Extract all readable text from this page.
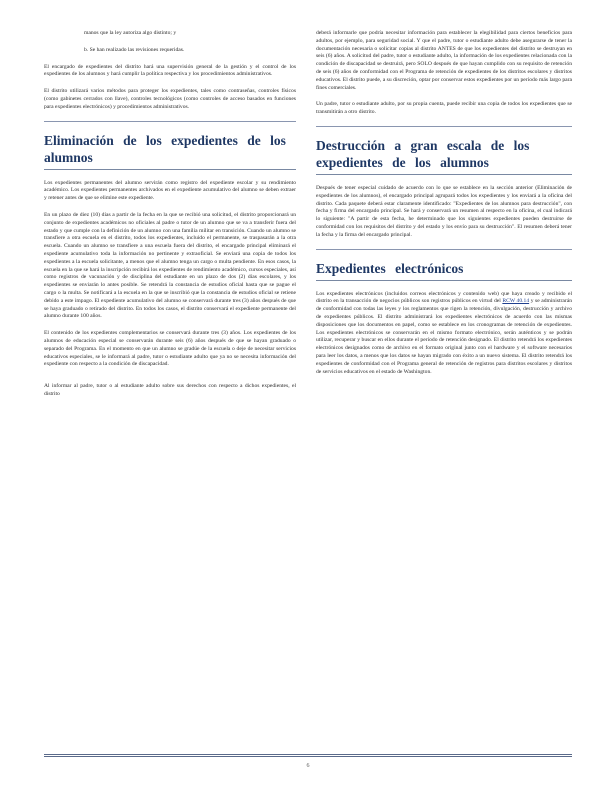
manos que la ley autoriza algo distinto; y

b. Se han realizado las revisiones requeridas.

El encargado de expedientes del distrito hará una supervisión general de la gestión y el control de los expedientes de los alumnos y hará cumplir la política respectiva y los procedimientos administrativos.

El distrito utilizará varios métodos para proteger los expedientes, tales como contraseñas, controles físicos (como gabinetes cerrados con llave), controles tecnológicos (como controles de acceso basados en funciones para expedientes electrónicos) y procedimientos administrativos.

Eliminación de los expedientes de los alumnos

Los expedientes permanentes del alumno servirán como registro del expediente escolar y su rendimiento académico. Los expedientes permanentes archivados en el expediente acumulativo del alumno se deben extraer y retener antes de que se elimine este expediente.

En un plazo de diez (10) días a partir de la fecha en la que se recibió una solicitud, el distrito proporcionará un conjunto de expedientes académicos no oficiales al padre o tutor de un alumno que se va a transferir fuera del estado y que cumple con la definición de un alumno con una familia militar en transición. Cuando un alumno se transfiere a otra escuela en el distrito, todos los expedientes, incluido el permanente, se traspasarán a la otra escuela. Cuando un alumno se transfiere a una escuela fuera del distrito, el encargado principal eliminará el expediente acumulativo toda la información no pertinente y extraoficial. Se enviará una copia de todos los expedientes a la escuela solicitante, a menos que el alumno tenga un cargo o multa pendiente. En esos casos, la escuela en la que se hará la inscripción recibirá los expedientes de rendimiento académico, cursos especiales, así como registros de vacunación y de disciplina del estudiante en un plazo de dos (2) días escolares, y los expedientes se enviarán lo antes posible. Se retendrá la constancia de estudios oficial hasta que se pague el cargo o la multa. Se notificará a la escuela en la que se inscribió que la constancia de estudios oficial se retiene debido a este impago. El expediente acumulativo del alumno se conservará durante tres (3) años después de que se haya graduado o retirado del distrito. En todos los casos, el distrito conservará el expediente permanente del alumno durante 100 años.

El contenido de los expedientes complementarios se conservará durante tres (3) años. Los expedientes de los alumnos de educación especial se conservarán durante seis (6) años después de que se hayan graduado o separado del Programa. En el momento en que un alumno se gradúe de la escuela o deje de necesitar servicios educativos especiales, se le informará al padre, tutor o estudiante adulto que ya no se necesita información del expediente con respecto a la condición de discapacidad.

Al informar al padre, tutor o al estudiante adulto sobre sus derechos con respecto a dichos expedientes, el distrito

deberá informarle que podría necesitar información para establecer la elegibilidad para ciertos beneficios para adultos, por ejemplo, para seguridad social. Y que el padre, tutor o estudiante adulto debe asegurarse de tener la documentación necesaria o solicitar copias al distrito ANTES de que los expedientes del distrito se destruyan en seis (6) años. A solicitud del padre, tutor o estudiante adulto, la información de los expedientes relacionada con la condición de discapacidad se destruirá, pero SOLO después de que hayan cumplido con su requisito de retención de seis (6) años de conformidad con el Programa de retención de expedientes de los distritos escolares y distritos educativos. El distrito puede, a su discreción, optar por conservar estos expedientes por un período más largo para fines comerciales.

Un padre, tutor o estudiante adulto, por su propia cuenta, puede recibir una copia de todos los expedientes que se transmitirán a otro distrito.

Destrucción a gran escala de los expedientes de los alumnos

Después de tener especial cuidado de acuerdo con lo que se establece en la sección anterior (Eliminación de expedientes de los alumnos), el encargado principal agrupará todos los expedientes y los enviará a la oficina del distrito. Cada paquete deberá estar claramente identificado: "Expedientes de los alumnos para destrucción", con fecha y firma del encargado principal. Se hará y conservará un resumen al respecto en la oficina, el cual indicará lo siguiente: "A partir de esta fecha, he determinado que los siguientes expedientes pueden destruirse de conformidad con los requisitos del distrito y del estado y los envío para su destrucción". El resumen deberá tener la fecha y la firma del encargado principal.

Expedientes electrónicos

Los expedientes electrónicos (incluidos correos electrónicos y contenido web) que haya creado y recibido el distrito en la transacción de negocios públicos son registros públicos en virtud del RCW 40.14 y se administrarán de conformidad con todas las leyes y los reglamentos que rigen la retención, divulgación, destrucción y archivo de expedientes públicos. El distrito administrará los expedientes electrónicos de acuerdo con las mismas disposiciones que los documentos en papel, como se establece en los cronogramas de retención de expedientes. Los expedientes electrónicos se conservarán en el mismo formato electrónico, serán auténticos y se podrán utilizar, recuperar y buscar en ellos durante el período de retención designado. El distrito retendrá los expedientes electrónicos designados como de archivo en el formato original junto con el hardware y el software necesarios para leer los datos, a menos que los datos se hayan migrado con éxito a un nuevo sistema. El distrito retendrá los expedientes de conformidad con el Programa general de retención de registros para distritos escolares y distritos de servicios educativos en el estado de Washington.

6
